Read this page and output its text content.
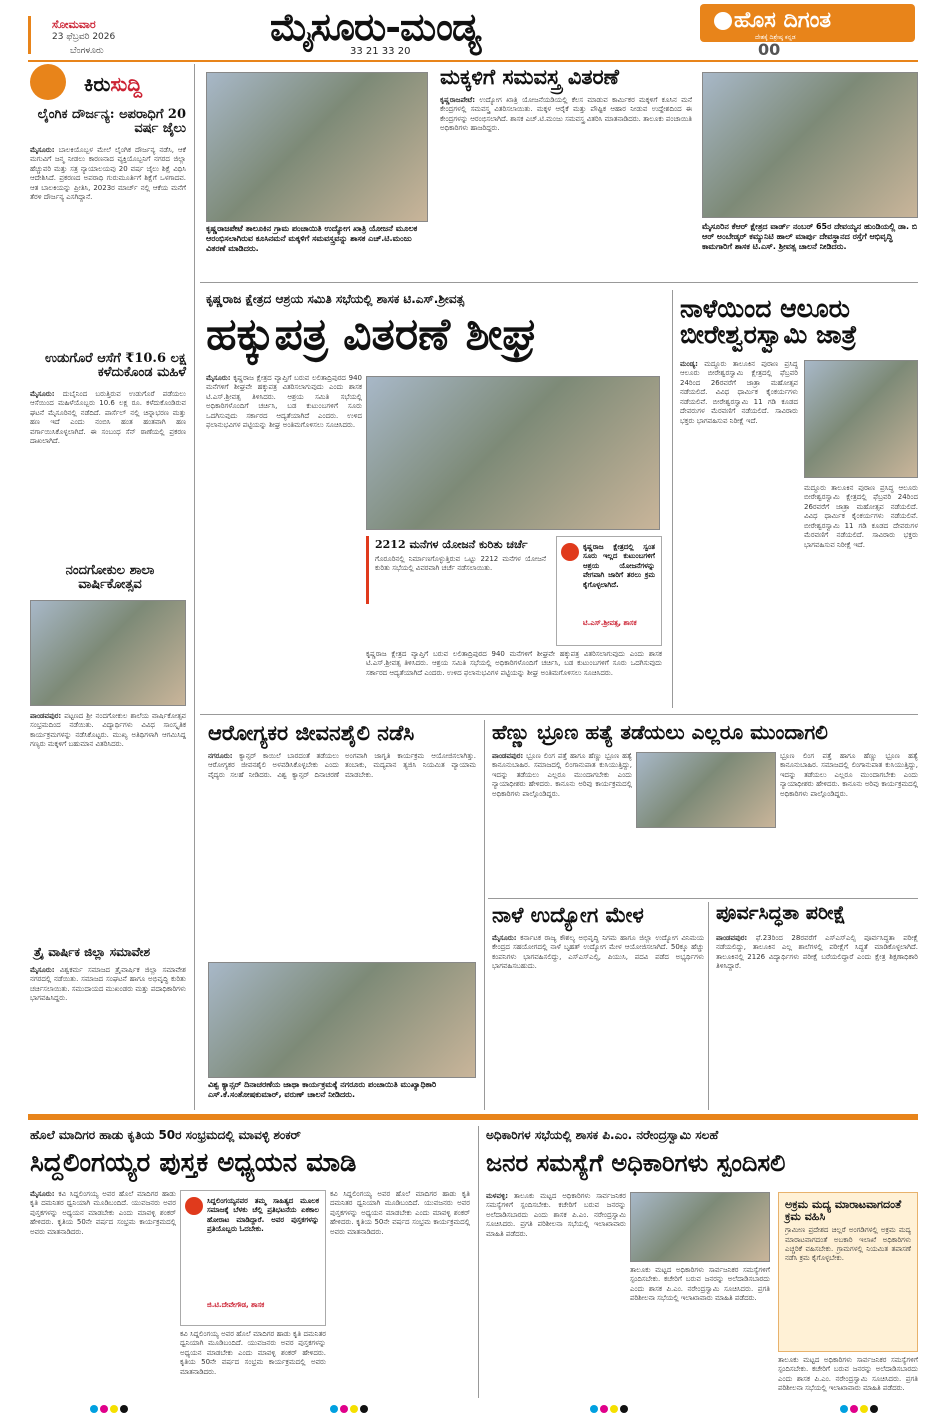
ಸೋಮವಾರ
23 ಫೆಬ್ರವರಿ 2026
ಬೆಂಗಳೂರು
ಮೈಸೂರು-ಮಂಡ್ಯ
33 21 33 20
ಹೊಸ ದಿಗಂತ
ದೇಶಕ್ಕೆ ದಿಶ್ರೇಷ್ಠ ಕನ್ನಡ
00
ಕಿರುಸುದ್ದಿ
ಲೈಂಗಿಕ ದೌರ್ಜನ್ಯ: ಅಪರಾಧಿಗೆ 20 ವರ್ಷ ಜೈಲು
ಮೈಸೂರು: ಬಾಲಕಿಯೊಬ್ಬಳ ಮೇಲೆ ಲೈಂಗಿಕ ದೌರ್ಜನ್ಯ ನಡೆಸಿ, ಆಕೆ ಮಗುವಿಗೆ ಜನ್ಮ ನೀಡಲು ಕಾರಣನಾದ ವ್ಯಕ್ತಿಯೊಬ್ಬನಿಗೆ ನಗರದ ಜಿಲ್ಲಾ ಹೆಚ್ಚುವರಿ ಮತ್ತು ಸತ್ರ ನ್ಯಾಯಾಲಯವು 20 ವರ್ಷ ಜೈಲು ಶಿಕ್ಷೆ ವಿಧಿಸಿ ಆದೇಶಿಸಿದೆ. ಪ್ರಕರಣದ ಅಪರಾಧಿ ಗುರುಮೂರ್ತಿಗೆ ಶಿಕ್ಷೆಗೆ ಒಳಗಾದವ. ಆತ ಬಾಲಕಿಯನ್ನು ಪ್ರೀತಿಸಿ, 2023ರ ಮಾರ್ಚ್ ನಲ್ಲಿ ಆಕೆಯ ಮನೆಗೆ ತೆರಳಿ ದೌರ್ಜನ್ಯ ಎಸಗಿದ್ದಾನೆ.
ಉಡುಗೊರೆ ಆಸೆಗೆ ₹10.6 ಲಕ್ಷ ಕಳೆದುಕೊಂಡ ಮಹಿಳೆ
ಮೈಸೂರು: ದುಬೈನಿಂದ ಬರುತ್ತಿರುವ ಉಡುಗೊರೆ ಪಡೆಯಲು ಆಸೆಯಿಂದ ಮಹಿಳೆಯೊಬ್ಬರು 10.6 ಲಕ್ಷ ರೂ. ಕಳೆದುಕೊಂಡಿರುವ ಘಟನೆ ಮೈಸೂರಿನಲ್ಲಿ ನಡೆದಿದೆ. ಪಾರ್ಸೆಲ್ ನಲ್ಲಿ ಚಿನ್ನಾಭರಣ ಮತ್ತು ಹಣ ಇದೆ ಎಂದು ನಂಬಿಸಿ ಹಂತ ಹಂತವಾಗಿ ಹಣ ವರ್ಗಾಯಿಸಿಕೊಳ್ಳಲಾಗಿದೆ. ಈ ಸಂಬಂಧ ಸೆನ್ ಠಾಣೆಯಲ್ಲಿ ಪ್ರಕರಣ ದಾಖಲಾಗಿದೆ.
ನಂದಗೋಕುಲ ಶಾಲಾ ವಾರ್ಷಿಕೋತ್ಸವ
ಪಾಂಡವಪುರ: ಪಟ್ಟಣದ ಶ್ರೀ ನಂದಗೋಕುಲ ಶಾಲೆಯ ವಾರ್ಷಿಕೋತ್ಸವ ಸಂಭ್ರಮದಿಂದ ನಡೆಯಿತು. ವಿದ್ಯಾರ್ಥಿಗಳು ವಿವಿಧ ಸಾಂಸ್ಕೃತಿಕ ಕಾರ್ಯಕ್ರಮಗಳನ್ನು ನಡೆಸಿಕೊಟ್ಟರು. ಮುಖ್ಯ ಅತಿಥಿಗಳಾಗಿ ಆಗಮಿಸಿದ್ದ ಗಣ್ಯರು ಮಕ್ಕಳಿಗೆ ಬಹುಮಾನ ವಿತರಿಸಿದರು.
ತ್ರೈ ವಾರ್ಷಿಕ ಜಿಲ್ಲಾ ಸಮಾವೇಶ
ಮೈಸೂರು: ವಿಶ್ವಕರ್ಮ ಸಮಾಜದ ತ್ರೈವಾರ್ಷಿಕ ಜಿಲ್ಲಾ ಸಮಾವೇಶ ನಗರದಲ್ಲಿ ನಡೆಯಿತು. ಸಮಾಜದ ಸಂಘಟನೆ ಹಾಗೂ ಅಭಿವೃದ್ಧಿ ಕುರಿತು ಚರ್ಚಿಸಲಾಯಿತು. ಸಮುದಾಯದ ಮುಖಂಡರು ಮತ್ತು ಪದಾಧಿಕಾರಿಗಳು ಭಾಗವಹಿಸಿದ್ದರು.
ಕೃಷ್ಣರಾಜಪೇಟೆ ತಾಲೂಕಿನ ಗ್ರಾಮ ಪಂಚಾಯಿತಿ ಉದ್ಯೋಗ ಖಾತ್ರಿ ಯೋಜನೆ ಮೂಲಕ ಆರಂಭಿಸಲಾಗಿರುವ ಕೂಸಿನಮನೆ ಮಕ್ಕಳಿಗೆ ಸಮವಸ್ತ್ರವನ್ನು ಶಾಸಕ ಎಚ್.ಟಿ.ಮಂಜು ವಿತರಣೆ ಮಾಡಿದರು.
ಮಕ್ಕಳಿಗೆ ಸಮವಸ್ತ್ರ ವಿತರಣೆ
ಕೃಷ್ಣರಾಜಪೇಟೆ: ಉದ್ಯೋಗ ಖಾತ್ರಿ ಯೋಜನೆಯಡಿಯಲ್ಲಿ ಕೆಲಸ ಮಾಡುವ ಕಾರ್ಮಿಕರ ಮಕ್ಕಳಿಗೆ ಕೂಸಿನ ಮನೆ ಕೇಂದ್ರಗಳಲ್ಲಿ ಸಮವಸ್ತ್ರ ವಿತರಿಸಲಾಯಿತು. ಮಕ್ಕಳ ಆರೈಕೆ ಮತ್ತು ಪೌಷ್ಟಿಕ ಆಹಾರ ನೀಡುವ ಉದ್ದೇಶದಿಂದ ಈ ಕೇಂದ್ರಗಳನ್ನು ಆರಂಭಿಸಲಾಗಿದೆ. ಶಾಸಕ ಎಚ್.ಟಿ.ಮಂಜು ಸಮವಸ್ತ್ರ ವಿತರಿಸಿ ಮಾತನಾಡಿದರು. ತಾಲೂಕು ಪಂಚಾಯಿತಿ ಅಧಿಕಾರಿಗಳು ಹಾಜರಿದ್ದರು.
ಮೈಸೂರಿನ ಕೆಆರ್ ಕ್ಷೇತ್ರದ ವಾರ್ಡ್ ನಂಬರ್ 65ರ ದೇವಯ್ಯನ ಹುಂಡಿಯಲ್ಲಿ ಡಾ. ಬಿ ಆರ್ ಅಂಬೇಡ್ಕರ್ ಕಮ್ಯುನಿಟಿ ಹಾಲ್ ಮಾರ್ಪು ದೇವಸ್ಥಾನದ ರಸ್ತೆಗೆ ಆಭಿವೃದ್ಧಿ ಕಾಮಗಾರಿಗೆ ಶಾಸಕ ಟಿ.ಎಸ್. ಶ್ರೀವತ್ಸ ಚಾಲನೆ ನೀಡಿದರು.
ಕೃಷ್ಣರಾಜ ಕ್ಷೇತ್ರದ ಆಶ್ರಯ ಸಮಿತಿ ಸಭೆಯಲ್ಲಿ ಶಾಸಕ ಟಿ.ಎಸ್.ಶ್ರೀವತ್ಸ
ಹಕ್ಕುಪತ್ರ ವಿತರಣೆ ಶೀಘ್ರ
ಮೈಸೂರು: ಕೃಷ್ಣರಾಜ ಕ್ಷೇತ್ರದ ವ್ಯಾಪ್ತಿಗೆ ಬರುವ ಲಲಿತಾದ್ರಿಪುರದ 940 ಮನೆಗಳಿಗೆ ಶೀಘ್ರವೇ ಹಕ್ಕುಪತ್ರ ವಿತರಿಸಲಾಗುವುದು ಎಂದು ಶಾಸಕ ಟಿ.ಎಸ್.ಶ್ರೀವತ್ಸ ತಿಳಿಸಿದರು. ಆಶ್ರಯ ಸಮಿತಿ ಸಭೆಯಲ್ಲಿ ಅಧಿಕಾರಿಗಳೊಂದಿಗೆ ಚರ್ಚಿಸಿ, ಬಡ ಕುಟುಂಬಗಳಿಗೆ ಸೂರು ಒದಗಿಸುವುದು ಸರ್ಕಾರದ ಆದ್ಯತೆಯಾಗಿದೆ ಎಂದರು. ಉಳಿದ ಫಲಾನುಭವಿಗಳ ಪಟ್ಟಿಯನ್ನು ಶೀಘ್ರ ಅಂತಿಮಗೊಳಿಸಲು ಸೂಚಿಸಿದರು.
2212 ಮನೆಗಳ ಯೋಜನೆ ಕುರಿತು ಚರ್ಚೆ
ಗೊರೂರಿನಲ್ಲಿ ನಿರ್ಮಾಣಗೊಳ್ಳುತ್ತಿರುವ ಒಟ್ಟು 2212 ಮನೆಗಳ ಯೋಜನೆ ಕುರಿತು ಸಭೆಯಲ್ಲಿ ವಿವರವಾಗಿ ಚರ್ಚೆ ನಡೆಸಲಾಯಿತು.
ಕೃಷ್ಣರಾಜ ಕ್ಷೇತ್ರದಲ್ಲಿ ಸ್ವಂತ ಸೂರು ಇಲ್ಲದ ಕುಟುಂಬಗಳಿಗೆ ಆಶ್ರಯ ಯೋಜನೆಗಳನ್ನು ವೇಗವಾಗಿ ಜಾರಿಗೆ ತರಲು ಕ್ರಮ ಕೈಗೊಳ್ಳಲಾಗಿದೆ.
ಟಿ.ಎಸ್.ಶ್ರೀವತ್ಸ, ಶಾಸಕ
ಕೃಷ್ಣರಾಜ ಕ್ಷೇತ್ರದ ವ್ಯಾಪ್ತಿಗೆ ಬರುವ ಲಲಿತಾದ್ರಿಪುರದ 940 ಮನೆಗಳಿಗೆ ಶೀಘ್ರವೇ ಹಕ್ಕುಪತ್ರ ವಿತರಿಸಲಾಗುವುದು ಎಂದು ಶಾಸಕ ಟಿ.ಎಸ್.ಶ್ರೀವತ್ಸ ತಿಳಿಸಿದರು. ಆಶ್ರಯ ಸಮಿತಿ ಸಭೆಯಲ್ಲಿ ಅಧಿಕಾರಿಗಳೊಂದಿಗೆ ಚರ್ಚಿಸಿ, ಬಡ ಕುಟುಂಬಗಳಿಗೆ ಸೂರು ಒದಗಿಸುವುದು ಸರ್ಕಾರದ ಆದ್ಯತೆಯಾಗಿದೆ ಎಂದರು. ಉಳಿದ ಫಲಾನುಭವಿಗಳ ಪಟ್ಟಿಯನ್ನು ಶೀಘ್ರ ಅಂತಿಮಗೊಳಿಸಲು ಸೂಚಿಸಿದರು.
ನಾಳೆಯಿಂದ ಆಲೂರು ಬೀರೇಶ್ವರಸ್ವಾಮಿ ಜಾತ್ರೆ
ಮಂಡ್ಯ: ಮದ್ದೂರು ತಾಲೂಕಿನ ಪುರಾಣ ಪ್ರಸಿದ್ಧ ಆಲೂರು ಬೀರೇಶ್ವರಸ್ವಾಮಿ ಕ್ಷೇತ್ರದಲ್ಲಿ ಫೆಬ್ರವರಿ 24ರಿಂದ 26ರವರೆಗೆ ಜಾತ್ರಾ ಮಹೋತ್ಸವ ನಡೆಯಲಿದೆ. ವಿವಿಧ ಧಾರ್ಮಿಕ ಕೈಂಕರ್ಯಗಳು ನಡೆಯಲಿವೆ. ಬೀರೇಶ್ವರಸ್ವಾಮಿ 11 ಗಡಿ ಕೂಡದ ದೇವರುಗಳ ಮೆರವಣಿಗೆ ನಡೆಯಲಿದೆ. ಸಾವಿರಾರು ಭಕ್ತರು ಭಾಗವಹಿಸುವ ನಿರೀಕ್ಷೆ ಇದೆ.
ಮದ್ದೂರು ತಾಲೂಕಿನ ಪುರಾಣ ಪ್ರಸಿದ್ಧ ಆಲೂರು ಬೀರೇಶ್ವರಸ್ವಾಮಿ ಕ್ಷೇತ್ರದಲ್ಲಿ ಫೆಬ್ರವರಿ 24ರಿಂದ 26ರವರೆಗೆ ಜಾತ್ರಾ ಮಹೋತ್ಸವ ನಡೆಯಲಿದೆ. ವಿವಿಧ ಧಾರ್ಮಿಕ ಕೈಂಕರ್ಯಗಳು ನಡೆಯಲಿವೆ. ಬೀರೇಶ್ವರಸ್ವಾಮಿ 11 ಗಡಿ ಕೂಡದ ದೇವರುಗಳ ಮೆರವಣಿಗೆ ನಡೆಯಲಿದೆ. ಸಾವಿರಾರು ಭಕ್ತರು ಭಾಗವಹಿಸುವ ನಿರೀಕ್ಷೆ ಇದೆ.
ಆರೋಗ್ಯಕರ ಜೀವನಶೈಲಿ ನಡೆಸಿ
ನಗರೂರು: ಕ್ಯಾನ್ಸರ್ ಕಾಯಿಲೆ ಬಾರದಂತೆ ತಡೆಯಲು ಆರೋಗ್ಯಕರ ಜೀವನಶೈಲಿ ಅಳವಡಿಸಿಕೊಳ್ಳಬೇಕು ಎಂದು ವೈದ್ಯರು ಸಲಹೆ ನೀಡಿದರು. ವಿಶ್ವ ಕ್ಯಾನ್ಸರ್ ದಿನಾಚರಣೆ ಅಂಗವಾಗಿ ಜಾಗೃತಿ ಕಾರ್ಯಕ್ರಮ ಆಯೋಜಿಸಲಾಗಿತ್ತು. ತಂಬಾಕು, ಮದ್ಯಪಾನ ತ್ಯಜಿಸಿ ನಿಯಮಿತ ವ್ಯಾಯಾಮ ಮಾಡಬೇಕು.
ವಿಶ್ವ ಕ್ಯಾನ್ಸರ್ ದಿನಾಚರಣೆಯ ಜಾಥಾ ಕಾರ್ಯಕ್ರಮಕ್ಕೆ ನಗರೂರು ಪಂಚಾಯಿತಿ ಮುಖ್ಯಾಧಿಕಾರಿ ಎಸ್.ಕೆ.ಸಂತೋಷಕುಮಾರ್, ವರುಣ್ ಚಾಲನೆ ನೀಡಿದರು.
ಹೆಣ್ಣು ಭ್ರೂಣ ಹತ್ಯೆ ತಡೆಯಲು ಎಲ್ಲರೂ ಮುಂದಾಗಲಿ
ಪಾಂಡವಪುರ: ಭ್ರೂಣ ಲಿಂಗ ಪತ್ತೆ ಹಾಗೂ ಹೆಣ್ಣು ಭ್ರೂಣ ಹತ್ಯೆ ಕಾನೂನುಬಾಹಿರ. ಸಮಾಜದಲ್ಲಿ ಲಿಂಗಾನುಪಾತ ಕುಸಿಯುತ್ತಿದ್ದು, ಇದನ್ನು ತಡೆಯಲು ಎಲ್ಲರೂ ಮುಂದಾಗಬೇಕು ಎಂದು ನ್ಯಾಯಾಧೀಶರು ಹೇಳಿದರು. ಕಾನೂನು ಅರಿವು ಕಾರ್ಯಕ್ರಮದಲ್ಲಿ ಅಧಿಕಾರಿಗಳು ಪಾಲ್ಗೊಂಡಿದ್ದರು.
ಭ್ರೂಣ ಲಿಂಗ ಪತ್ತೆ ಹಾಗೂ ಹೆಣ್ಣು ಭ್ರೂಣ ಹತ್ಯೆ ಕಾನೂನುಬಾಹಿರ. ಸಮಾಜದಲ್ಲಿ ಲಿಂಗಾನುಪಾತ ಕುಸಿಯುತ್ತಿದ್ದು, ಇದನ್ನು ತಡೆಯಲು ಎಲ್ಲರೂ ಮುಂದಾಗಬೇಕು ಎಂದು ನ್ಯಾಯಾಧೀಶರು ಹೇಳಿದರು. ಕಾನೂನು ಅರಿವು ಕಾರ್ಯಕ್ರಮದಲ್ಲಿ ಅಧಿಕಾರಿಗಳು ಪಾಲ್ಗೊಂಡಿದ್ದರು.
ನಾಳೆ ಉದ್ಯೋಗ ಮೇಳ
ಮೈಸೂರು: ಕರ್ನಾಟಕ ರಾಜ್ಯ ಕೌಶಲ್ಯ ಅಭಿವೃದ್ಧಿ ನಿಗಮ ಹಾಗೂ ಜಿಲ್ಲಾ ಉದ್ಯೋಗ ವಿನಿಮಯ ಕೇಂದ್ರದ ಸಹಯೋಗದಲ್ಲಿ ನಾಳೆ ಬೃಹತ್ ಉದ್ಯೋಗ ಮೇಳ ಆಯೋಜಿಸಲಾಗಿದೆ. 50ಕ್ಕೂ ಹೆಚ್ಚು ಕಂಪನಿಗಳು ಭಾಗವಹಿಸಲಿದ್ದು, ಎಸ್ಎಸ್ಎಲ್ಸಿ, ಪಿಯುಸಿ, ಪದವಿ ಪಡೆದ ಅಭ್ಯರ್ಥಿಗಳು ಭಾಗವಹಿಸಬಹುದು.
ಪೂರ್ವಸಿದ್ಧತಾ ಪರೀಕ್ಷೆ
ಪಾಂಡವಪುರ: ಫೆ.23ರಿಂದ 28ರವರೆಗೆ ಎಸ್ಎಸ್ಎಲ್ಸಿ ಪೂರ್ವಸಿದ್ಧತಾ ಪರೀಕ್ಷೆ ನಡೆಯಲಿದ್ದು, ತಾಲೂಕಿನ ಎಲ್ಲ ಶಾಲೆಗಳಲ್ಲಿ ಪರೀಕ್ಷೆಗೆ ಸಿದ್ಧತೆ ಮಾಡಿಕೊಳ್ಳಲಾಗಿದೆ. ತಾಲೂಕಿನಲ್ಲಿ 2126 ವಿದ್ಯಾರ್ಥಿಗಳು ಪರೀಕ್ಷೆ ಬರೆಯಲಿದ್ದಾರೆ ಎಂದು ಕ್ಷೇತ್ರ ಶಿಕ್ಷಣಾಧಿಕಾರಿ ತಿಳಿಸಿದ್ದಾರೆ.
ಹೊಲೆ ಮಾದಿಗರ ಹಾಡು ಕೃತಿಯ 50ರ ಸಂಭ್ರಮದಲ್ಲಿ ಮಾವಳ್ಳಿ ಶಂಕರ್
ಸಿದ್ದಲಿಂಗಯ್ಯರ ಪುಸ್ತಕ ಅಧ್ಯಯನ ಮಾಡಿ
ಮೈಸೂರು: ಕವಿ ಸಿದ್ದಲಿಂಗಯ್ಯ ಅವರ ಹೊಲೆ ಮಾದಿಗರ ಹಾಡು ಕೃತಿ ದಮನಿತರ ಧ್ವನಿಯಾಗಿ ಮೂಡಿಬಂದಿದೆ. ಯುವಜನರು ಅವರ ಪುಸ್ತಕಗಳನ್ನು ಅಧ್ಯಯನ ಮಾಡಬೇಕು ಎಂದು ಮಾವಳ್ಳಿ ಶಂಕರ್ ಹೇಳಿದರು. ಕೃತಿಯ 50ನೇ ವರ್ಷದ ಸಂಭ್ರಮ ಕಾರ್ಯಕ್ರಮದಲ್ಲಿ ಅವರು ಮಾತನಾಡಿದರು.
ಸಿದ್ದಲಿಂಗಯ್ಯನವರ ತಮ್ಮ ಸಾಹಿತ್ಯದ ಮೂಲಕ ಸಮಾಜಕ್ಕೆ ಬೆಳಕು ಚೆಲ್ಲಿ ಪ್ರತಿಭಟನೆಯ ಏಕಕಾಲ ಹೋರಾಟ ಮಾಡಿದ್ದಾರೆ. ಅವರ ಪುಸ್ತಕಗಳನ್ನು ಪ್ರತಿಯೊಬ್ಬರು ಓದಬೇಕು.
ಜಿ.ಟಿ.ದೇವೇಗೌಡ, ಶಾಸಕ
ಕವಿ ಸಿದ್ದಲಿಂಗಯ್ಯ ಅವರ ಹೊಲೆ ಮಾದಿಗರ ಹಾಡು ಕೃತಿ ದಮನಿತರ ಧ್ವನಿಯಾಗಿ ಮೂಡಿಬಂದಿದೆ. ಯುವಜನರು ಅವರ ಪುಸ್ತಕಗಳನ್ನು ಅಧ್ಯಯನ ಮಾಡಬೇಕು ಎಂದು ಮಾವಳ್ಳಿ ಶಂಕರ್ ಹೇಳಿದರು. ಕೃತಿಯ 50ನೇ ವರ್ಷದ ಸಂಭ್ರಮ ಕಾರ್ಯಕ್ರಮದಲ್ಲಿ ಅವರು ಮಾತನಾಡಿದರು.
ಕವಿ ಸಿದ್ದಲಿಂಗಯ್ಯ ಅವರ ಹೊಲೆ ಮಾದಿಗರ ಹಾಡು ಕೃತಿ ದಮನಿತರ ಧ್ವನಿಯಾಗಿ ಮೂಡಿಬಂದಿದೆ. ಯುವಜನರು ಅವರ ಪುಸ್ತಕಗಳನ್ನು ಅಧ್ಯಯನ ಮಾಡಬೇಕು ಎಂದು ಮಾವಳ್ಳಿ ಶಂಕರ್ ಹೇಳಿದರು. ಕೃತಿಯ 50ನೇ ವರ್ಷದ ಸಂಭ್ರಮ ಕಾರ್ಯಕ್ರಮದಲ್ಲಿ ಅವರು ಮಾತನಾಡಿದರು.
ಅಧಿಕಾರಿಗಳ ಸಭೆಯಲ್ಲಿ ಶಾಸಕ ಪಿ.ಎಂ. ನರೇಂದ್ರಸ್ವಾಮಿ ಸಲಹೆ
ಜನರ ಸಮಸ್ಯೆಗೆ ಅಧಿಕಾರಿಗಳು ಸ್ಪಂದಿಸಲಿ
ಮಳವಳ್ಳಿ: ತಾಲೂಕು ಮಟ್ಟದ ಅಧಿಕಾರಿಗಳು ಸಾರ್ವಜನಿಕರ ಸಮಸ್ಯೆಗಳಿಗೆ ಸ್ಪಂದಿಸಬೇಕು. ಕಚೇರಿಗೆ ಬರುವ ಜನರನ್ನು ಅಲೆದಾಡಿಸಬಾರದು ಎಂದು ಶಾಸಕ ಪಿ.ಎಂ. ನರೇಂದ್ರಸ್ವಾಮಿ ಸೂಚಿಸಿದರು. ಪ್ರಗತಿ ಪರಿಶೀಲನಾ ಸಭೆಯಲ್ಲಿ ಇಲಾಖಾವಾರು ಮಾಹಿತಿ ಪಡೆದರು.
ತಾಲೂಕು ಮಟ್ಟದ ಅಧಿಕಾರಿಗಳು ಸಾರ್ವಜನಿಕರ ಸಮಸ್ಯೆಗಳಿಗೆ ಸ್ಪಂದಿಸಬೇಕು. ಕಚೇರಿಗೆ ಬರುವ ಜನರನ್ನು ಅಲೆದಾಡಿಸಬಾರದು ಎಂದು ಶಾಸಕ ಪಿ.ಎಂ. ನರೇಂದ್ರಸ್ವಾಮಿ ಸೂಚಿಸಿದರು. ಪ್ರಗತಿ ಪರಿಶೀಲನಾ ಸಭೆಯಲ್ಲಿ ಇಲಾಖಾವಾರು ಮಾಹಿತಿ ಪಡೆದರು.
ಅಕ್ರಮ ಮದ್ಯ ಮಾರಾಟವಾಗದಂತೆ ಕ್ರಮ ವಹಿಸಿ
ಗ್ರಾಮೀಣ ಪ್ರದೇಶದ ಚಿಲ್ಲರೆ ಅಂಗಡಿಗಳಲ್ಲಿ ಅಕ್ರಮ ಮದ್ಯ ಮಾರಾಟವಾಗದಂತೆ ಅಬಕಾರಿ ಇಲಾಖೆ ಅಧಿಕಾರಿಗಳು ಎಚ್ಚರಿಕೆ ವಹಿಸಬೇಕು. ಗ್ರಾಮಗಳಲ್ಲಿ ನಿಯಮಿತ ತಪಾಸಣೆ ನಡೆಸಿ ಕ್ರಮ ಕೈಗೊಳ್ಳಬೇಕು.
ತಾಲೂಕು ಮಟ್ಟದ ಅಧಿಕಾರಿಗಳು ಸಾರ್ವಜನಿಕರ ಸಮಸ್ಯೆಗಳಿಗೆ ಸ್ಪಂದಿಸಬೇಕು. ಕಚೇರಿಗೆ ಬರುವ ಜನರನ್ನು ಅಲೆದಾಡಿಸಬಾರದು ಎಂದು ಶಾಸಕ ಪಿ.ಎಂ. ನರೇಂದ್ರಸ್ವಾಮಿ ಸೂಚಿಸಿದರು. ಪ್ರಗತಿ ಪರಿಶೀಲನಾ ಸಭೆಯಲ್ಲಿ ಇಲಾಖಾವಾರು ಮಾಹಿತಿ ಪಡೆದರು.
